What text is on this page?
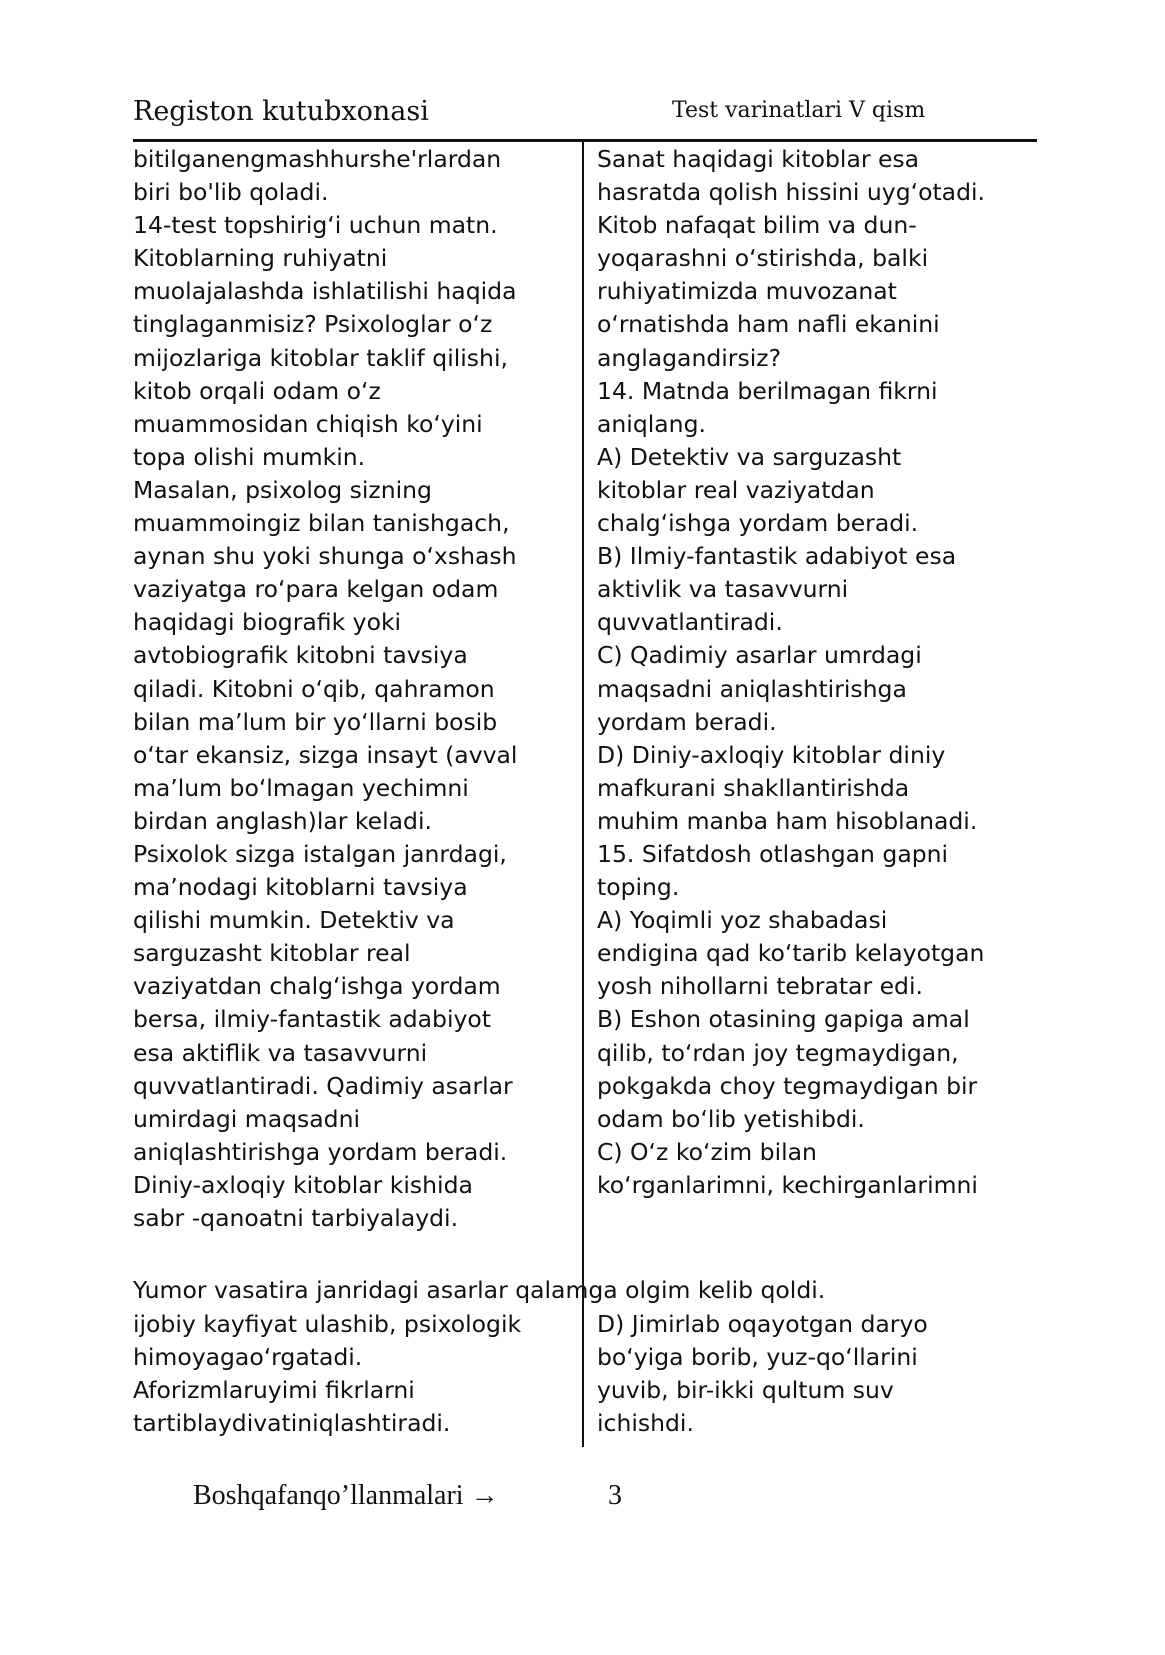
Registon kutubxonasi	Test varinatlari V qism
bitilganengmashhurshe'rlardan
biri bo'lib qoladi.
14-test topshirig‘i uchun matn.
Kitoblarning ruhiyatni
muolajalashda ishlatilishi haqida
tinglaganmisiz? Psixologlar o‘z
mijozlariga kitoblar taklif qilishi,
kitob orqali odam o‘z
muammosidan chiqish ko‘yini
topa olishi mumkin.
Masalan, psixolog sizning
muammoingiz bilan tanishgach,
aynan shu yoki shunga o‘xshash
vaziyatga ro‘para kelgan odam
haqidagi biografik yoki
avtobiografik kitobni tavsiya
qiladi. Kitobni o‘qib, qahramon
bilan ma’lum bir yo‘llarni bosib
o‘tar ekansiz, sizga insayt (avval
ma’lum bo‘lmagan yechimni
birdan anglash)lar keladi.
Psixolok sizga istalgan janrdagi,
ma’nodagi kitoblarni tavsiya
qilishi mumkin. Detektiv va
sarguzasht kitoblar real
vaziyatdan chalg‘ishga yordam
bersa, ilmiy-fantastik adabiyot
esa aktiflik va tasavvurni
quvvatlantiradi. Qadimiy asarlar
umirdagi maqsadni
aniqlashtirishga yordam beradi.
Diniy-axloqiy kitoblar kishida
sabr -qanoatni tarbiyalaydi.
Sanat haqidagi kitoblar esa
hasratda qolish hissini uyg‘otadi.
Kitob nafaqat bilim va dun-
yoqarashni o‘stirishda, balki
ruhiyatimizda muvozanat
o‘rnatishda ham nafli ekanini
anglagandirsiz?
14. Matnda berilmagan fikrni
aniqlang.
A) Detektiv va sarguzasht
kitoblar real vaziyatdan
chalg‘ishga yordam beradi.
B) Ilmiy-fantastik adabiyot esa
aktivlik va tasavvurni
quvvatlantiradi.
C) Qadimiy asarlar umrdagi
maqsadni aniqlashtirishga
yordam beradi.
D) Diniy-axloqiy kitoblar diniy
mafkurani shakllantirishda
muhim manba ham hisoblanadi.
15. Sifatdosh otlashgan gapni
toping.
A) Yoqimli yoz shabadasi
endigina qad ko‘tarib kelayotgan
yosh nihollarni tebratar edi.
B) Eshon otasining gapiga amal
qilib, to‘rdan joy tegmaydigan,
pokgakda choy tegmaydigan bir
odam bo‘lib yetishibdi.
C) O‘z ko‘zim bilan
ko‘rganlarimni, kechirganlarimni
Yumor vasatira janridagi asarlar qalamga olgim kelib qoldi.
ijobiy kayfiyat ulashib, psixologik
himoyagao‘rgatadi.
Aforizmlaruyimi fikrlarni
tartiblaydivatiniqlashtiradi.
D) Jimirlab oqayotgan daryo
bo‘yiga borib, yuz-qo‘llarini
yuvib, bir-ikki qultum suv
ichishdi.
Boshqafanqo’llanmalari →	3
